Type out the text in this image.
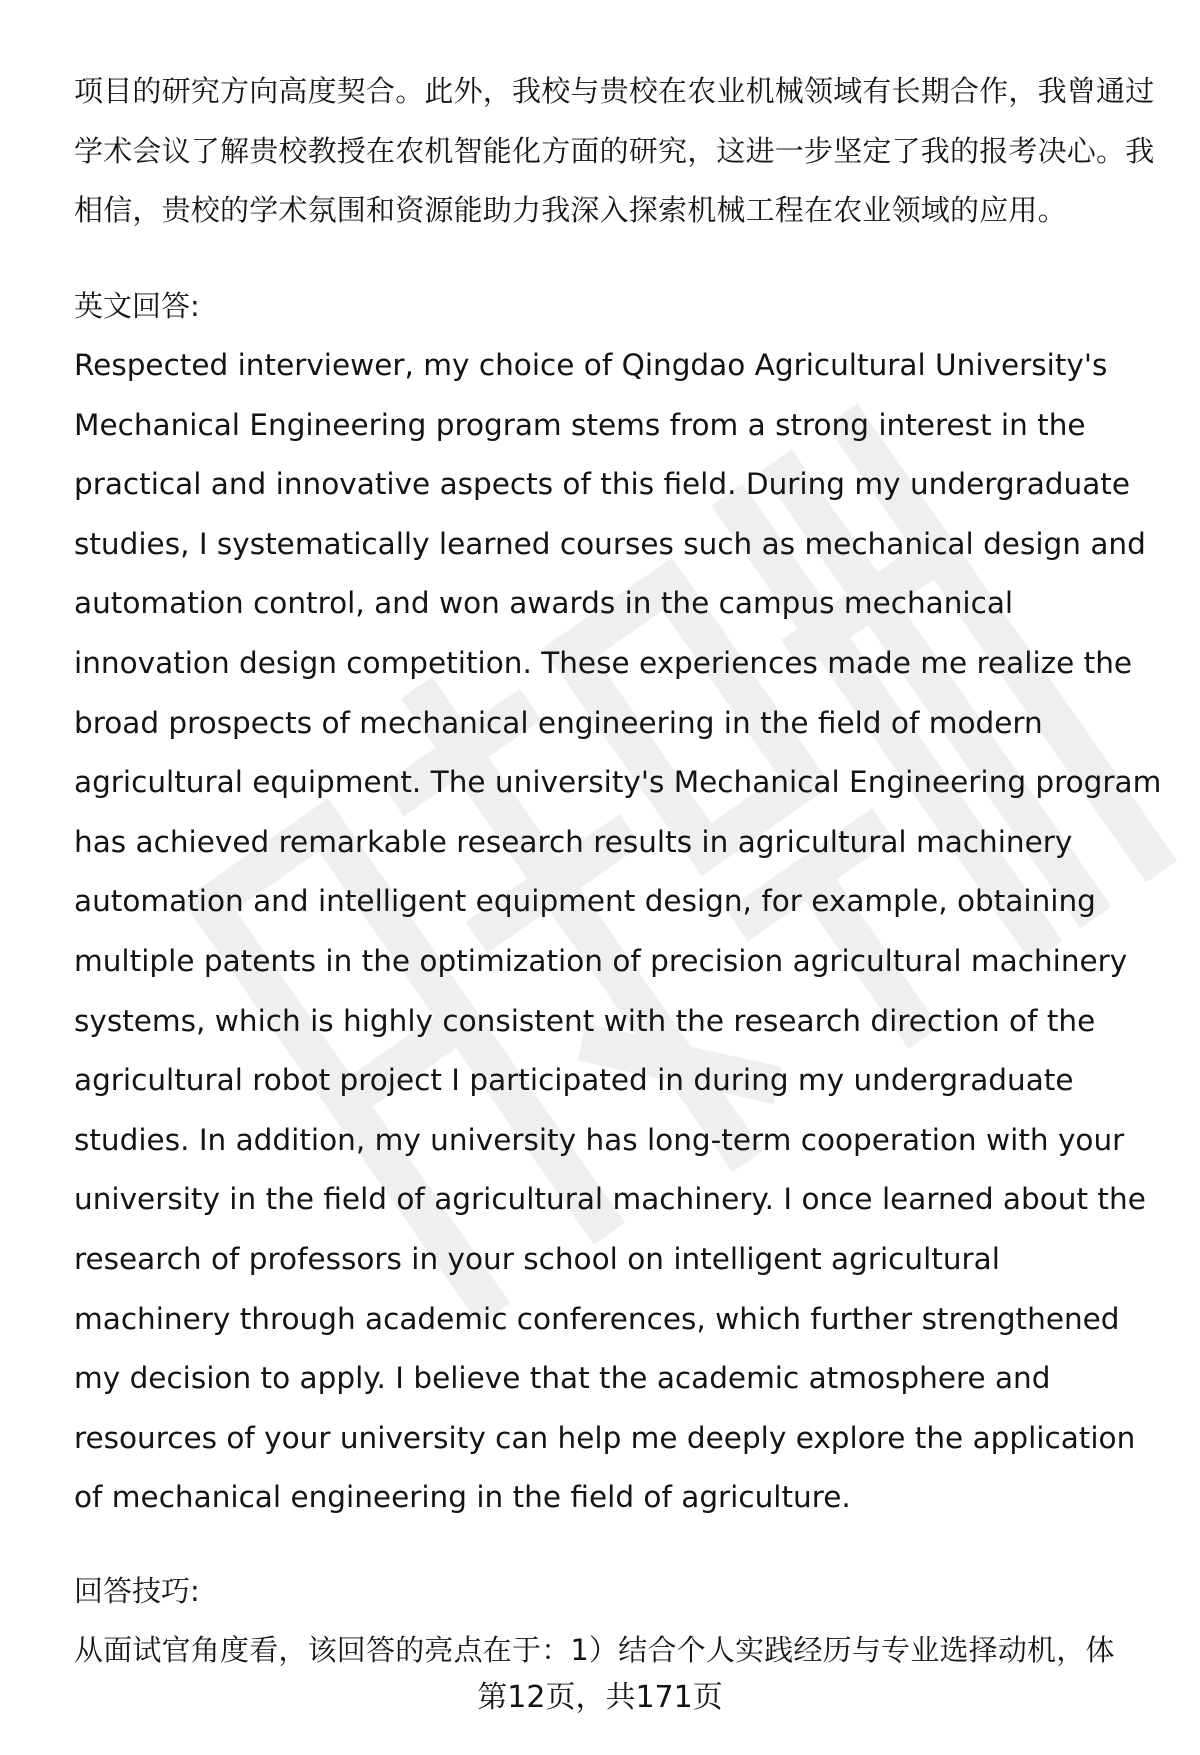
项目的研究方向高度契合。此外，我校与贵校在农业机械领域有长期合作，我曾通过学术会议了解贵校教授在农机智能化方面的研究，这进一步坚定了我的报考决心。我相信，贵校的学术氛围和资源能助力我深入探索机械工程在农业领域的应用。

英文回答:

Respected interviewer, my choice of Qingdao Agricultural University's Mechanical Engineering program stems from a strong interest in the practical and innovative aspects of this field. During my undergraduate studies, I systematically learned courses such as mechanical design and automation control, and won awards in the campus mechanical innovation design competition. These experiences made me realize the broad prospects of mechanical engineering in the field of modern agricultural equipment. The university's Mechanical Engineering program has achieved remarkable research results in agricultural machinery automation and intelligent equipment design, for example, obtaining multiple patents in the optimization of precision agricultural machinery systems, which is highly consistent with the research direction of the agricultural robot project I participated in during my undergraduate studies. In addition, my university has long-term cooperation with your university in the field of agricultural machinery. I once learned about the research of professors in your school on intelligent agricultural machinery through academic conferences, which further strengthened my decision to apply. I believe that the academic atmosphere and resources of your university can help me deeply explore the application of mechanical engineering in the field of agriculture.

回答技巧:

从面试官角度看，该回答的亮点在于：1）结合个人实践经历与专业选择动机，体

第12页，共171页
